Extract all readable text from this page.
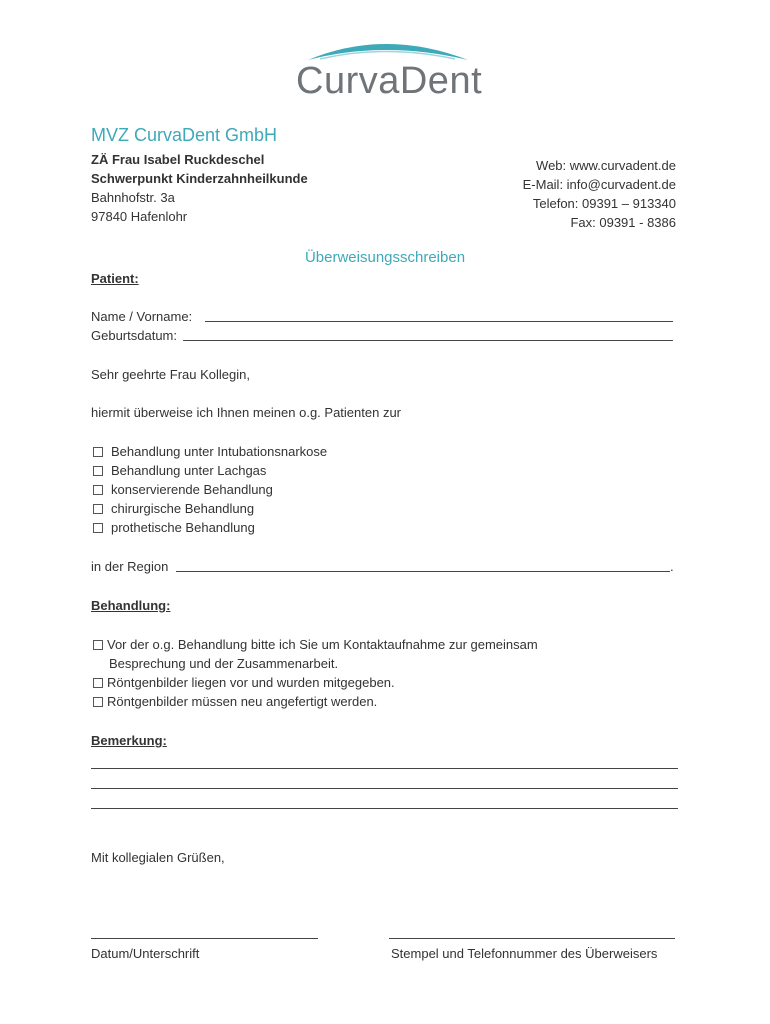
CurvaDent
MVZ CurvaDent GmbH
ZÄ Frau Isabel Ruckdeschel
Schwerpunkt Kinderzahnheilkunde
Bahnhofstr. 3a
97840 Hafenlohr
Web: www.curvadent.de
E-Mail: info@curvadent.de
Telefon: 09391 – 913340
Fax: 09391 - 8386
Überweisungsschreiben
Patient:
Name / Vorname:
Geburtsdatum:
Sehr geehrte Frau Kollegin,
hiermit überweise ich Ihnen meinen o.g. Patienten zur
Behandlung unter Intubationsnarkose
Behandlung unter Lachgas
konservierende Behandlung
chirurgische Behandlung
prothetische Behandlung
in der Region	.
Behandlung:
Vor der o.g. Behandlung bitte ich Sie um Kontaktaufnahme zur gemeinsam
Besprechung und der Zusammenarbeit.
Röntgenbilder liegen vor und wurden mitgegeben.
Röntgenbilder müssen neu angefertigt werden.
Bemerkung:
Mit kollegialen Grüßen,
Datum/Unterschrift	Stempel und Telefonnummer des Überweisers
